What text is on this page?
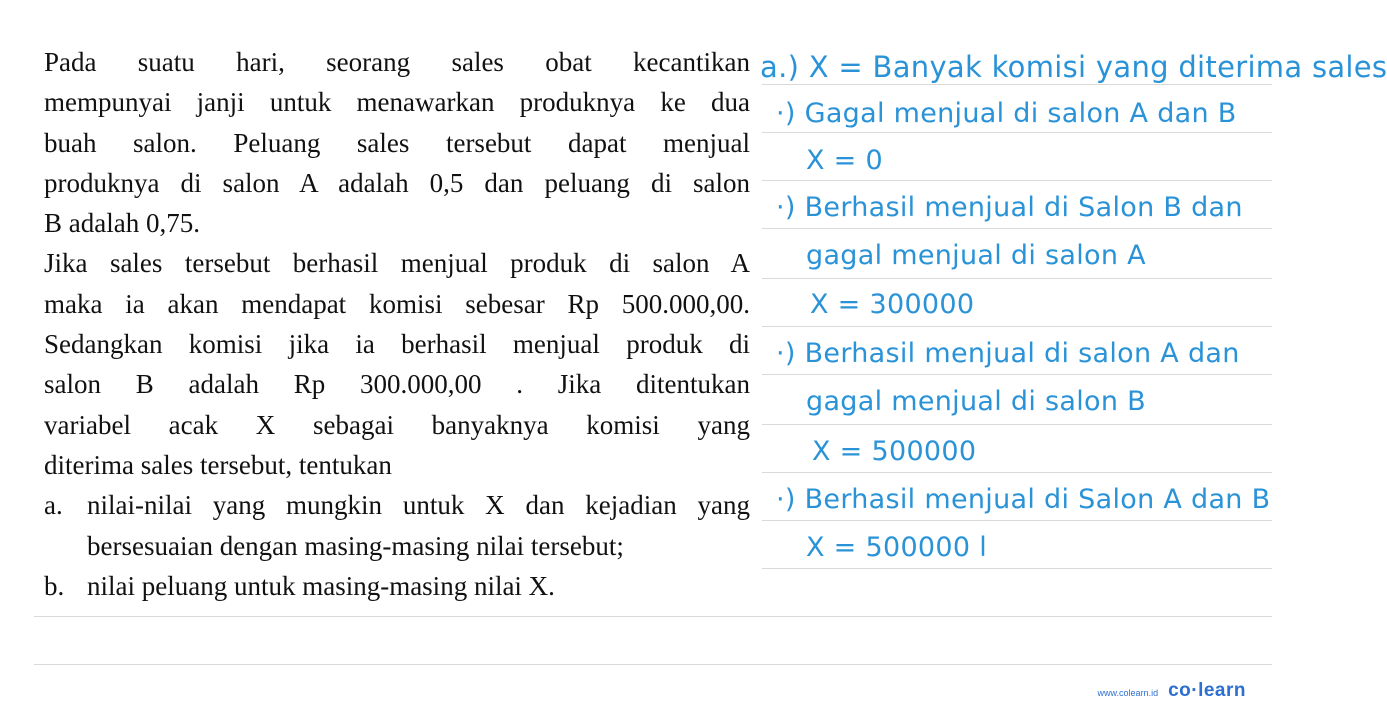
Pada suatu hari, seorang sales obat kecantikan

mempunyai janji untuk menawarkan produknya ke dua

buah salon. Peluang sales tersebut dapat menjual

produknya di salon A adalah 0,5 dan peluang di salon

B adalah 0,75.

Jika sales tersebut berhasil menjual produk di salon A

maka ia akan mendapat komisi sebesar Rp 500.000,00.

Sedangkan komisi jika ia berhasil menjual produk di

salon B adalah Rp 300.000,00 . Jika ditentukan

variabel acak X sebagai banyaknya komisi yang

diterima sales tersebut, tentukan

a. nilai-nilai yang mungkin untuk X dan kejadian yang

bersesuaian dengan masing-masing nilai tersebut;

b. nilai peluang untuk masing-masing nilai X.
a.) X = Banyak komisi yang diterima sales
·) Gagal menjual di salon A dan B
X = 0
·) Berhasil menjual di Salon B dan
gagal menjual di salon A
X = 300000
·) Berhasil menjual di salon A dan
gagal menjual di salon B
X = 500000
·) Berhasil menjual di Salon A dan B
X = 500000 l
www.colearn.id co·learn
